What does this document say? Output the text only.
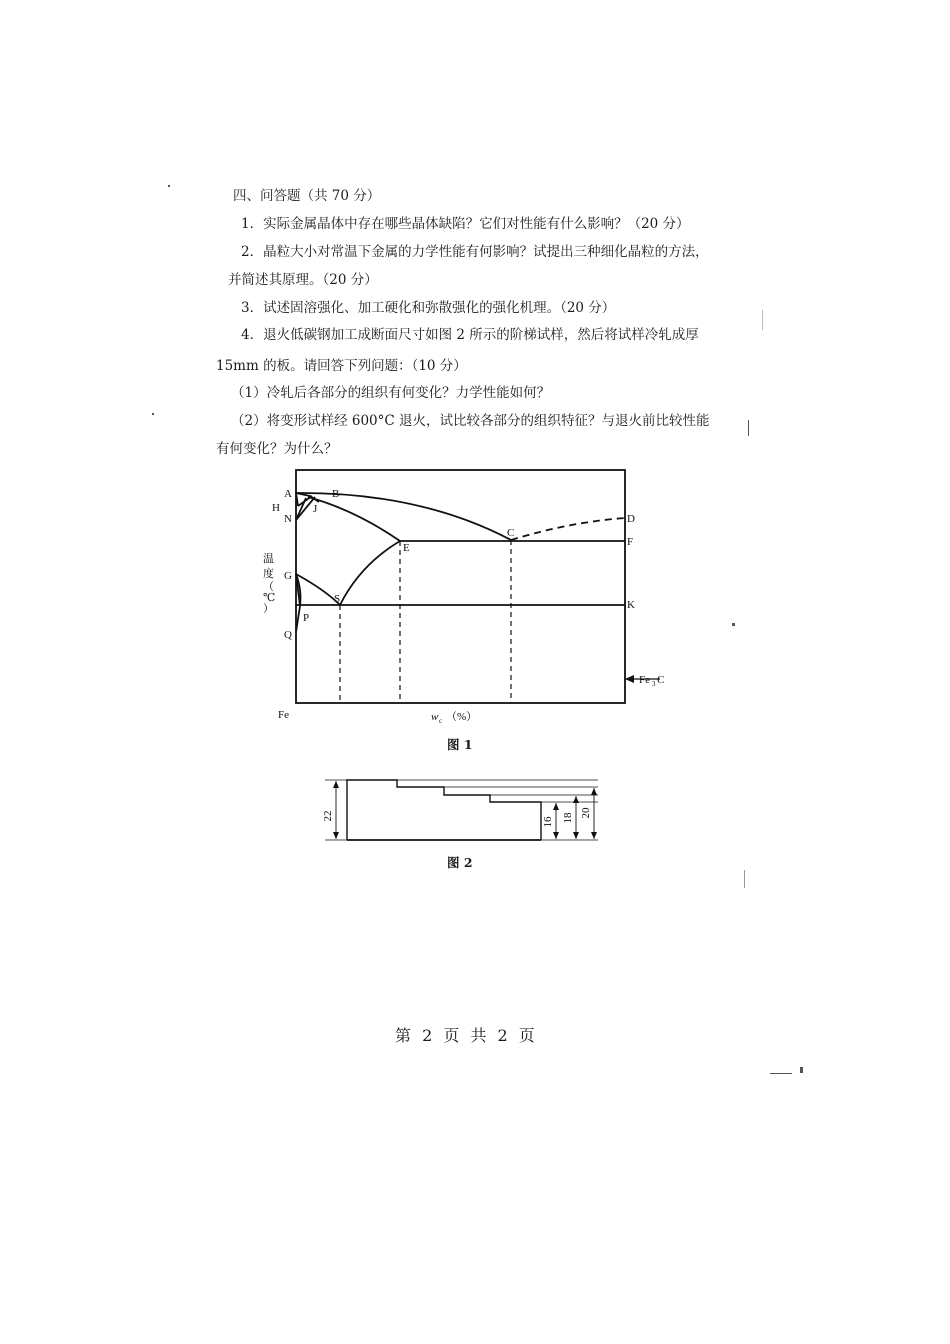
四、问答题（共 70 分）
1．实际金属晶体中存在哪些晶体缺陷？它们对性能有什么影响？（20 分）
2．晶粒大小对常温下金属的力学性能有何影响？试提出三种细化晶粒的方法，
并简述其原理。（20 分）
3．试述固溶强化、加工硬化和弥散强化的强化机理。（20 分）
4．退火低碳钢加工成断面尺寸如图 2 所示的阶梯试样，然后将试样冷轧成厚
15mm 的板。请回答下列问题：（10 分）
（1）冷轧后各部分的组织有何变化？力学性能如何？
（2）将变形试样经 600°C 退火，试比较各部分的组织特征？与退火前比较性能
有何变化？为什么？
A	B
H
N
J
C
D
E	F
G
S	K
P
Q
温
度
（
℃
）
Fe	w c （%）
Fe 3 C
22
16 18 20
图 1
图 2
第 2 页 共 2 页
